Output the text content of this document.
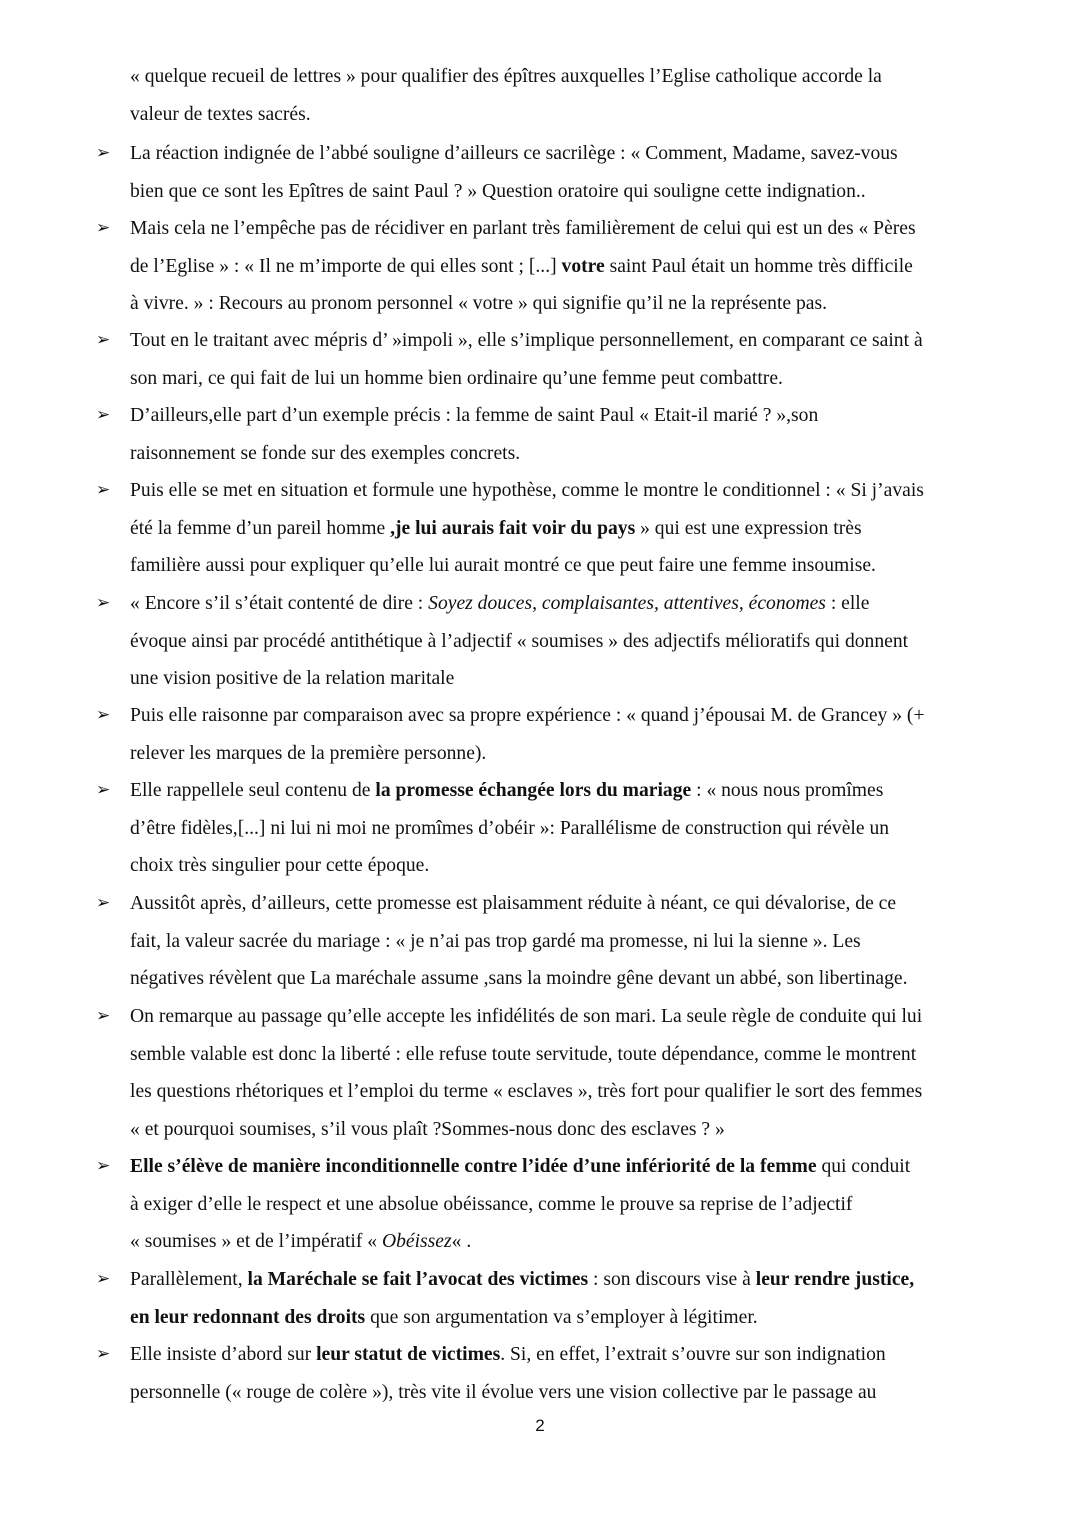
« quelque recueil de lettres » pour qualifier des épîtres auxquelles l’Eglise catholique accorde la
valeur de textes sacrés.
➢ La réaction indignée de l’abbé souligne d’ailleurs ce sacrilège : « Comment, Madame, savez-vous
bien que ce sont les Epîtres de saint Paul ? » Question oratoire qui souligne cette indignation..
➢ Mais cela ne l’empêche pas de récidiver en parlant très familièrement de celui qui est un des « Pères
de l’Eglise » : « Il ne m’importe de qui elles sont ; [...] votre saint Paul était un homme très difficile
à vivre. » : Recours au pronom personnel « votre » qui signifie qu’il ne la représente pas.
➢ Tout en le traitant avec mépris d’ »impoli », elle s’implique personnellement, en comparant ce saint à
son mari, ce qui fait de lui un homme bien ordinaire qu’une femme peut combattre.
➢ D’ailleurs,elle part d’un exemple précis : la femme de saint Paul « Etait-il marié ? »,son
raisonnement se fonde sur des exemples concrets.
➢ Puis elle se met en situation et formule une hypothèse, comme le montre le conditionnel : « Si j’avais
été la femme d’un pareil homme ,je lui aurais fait voir du pays » qui est une expression très
familière aussi pour expliquer qu’elle lui aurait montré ce que peut faire une femme insoumise.
➢ « Encore s’il s’était contenté de dire : Soyez douces, complaisantes, attentives, économes : elle
évoque ainsi par procédé antithétique à l’adjectif « soumises » des adjectifs mélioratifs qui donnent
une vision positive de la relation maritale
➢ Puis elle raisonne par comparaison avec sa propre expérience : « quand j’épousai M. de Grancey » (+
relever les marques de la première personne).
➢ Elle rappellele seul contenu de la promesse échangée lors du mariage : « nous nous promîmes
d’être fidèles,[...] ni lui ni moi ne promîmes d’obéir »: Parallélisme de construction qui révèle un
choix très singulier pour cette époque.
➢ Aussitôt après, d’ailleurs, cette promesse est plaisamment réduite à néant, ce qui dévalorise, de ce
fait, la valeur sacrée du mariage : « je n’ai pas trop gardé ma promesse, ni lui la sienne ». Les
négatives révèlent que La maréchale assume ,sans la moindre gêne devant un abbé, son libertinage.
➢ On remarque au passage qu’elle accepte les infidélités de son mari. La seule règle de conduite qui lui
semble valable est donc la liberté : elle refuse toute servitude, toute dépendance, comme le montrent
les questions rhétoriques et l’emploi du terme « esclaves », très fort pour qualifier le sort des femmes
« et pourquoi soumises, s’il vous plaît ?Sommes-nous donc des esclaves ? »
➢ Elle s’élève de manière inconditionnelle contre l’idée d’une infériorité de la femme qui conduit
à exiger d’elle le respect et une absolue obéissance, comme le prouve sa reprise de l’adjectif
« soumises » et de l’impératif « Obéissez« .
➢ Parallèlement, la Maréchale se fait l’avocat des victimes : son discours vise à leur rendre justice,
en leur redonnant des droits que son argumentation va s’employer à légitimer.
➢ Elle insiste d’abord sur leur statut de victimes. Si, en effet, l’extrait s’ouvre sur son indignation
personnelle (« rouge de colère »), très vite il évolue vers une vision collective par le passage au
2
